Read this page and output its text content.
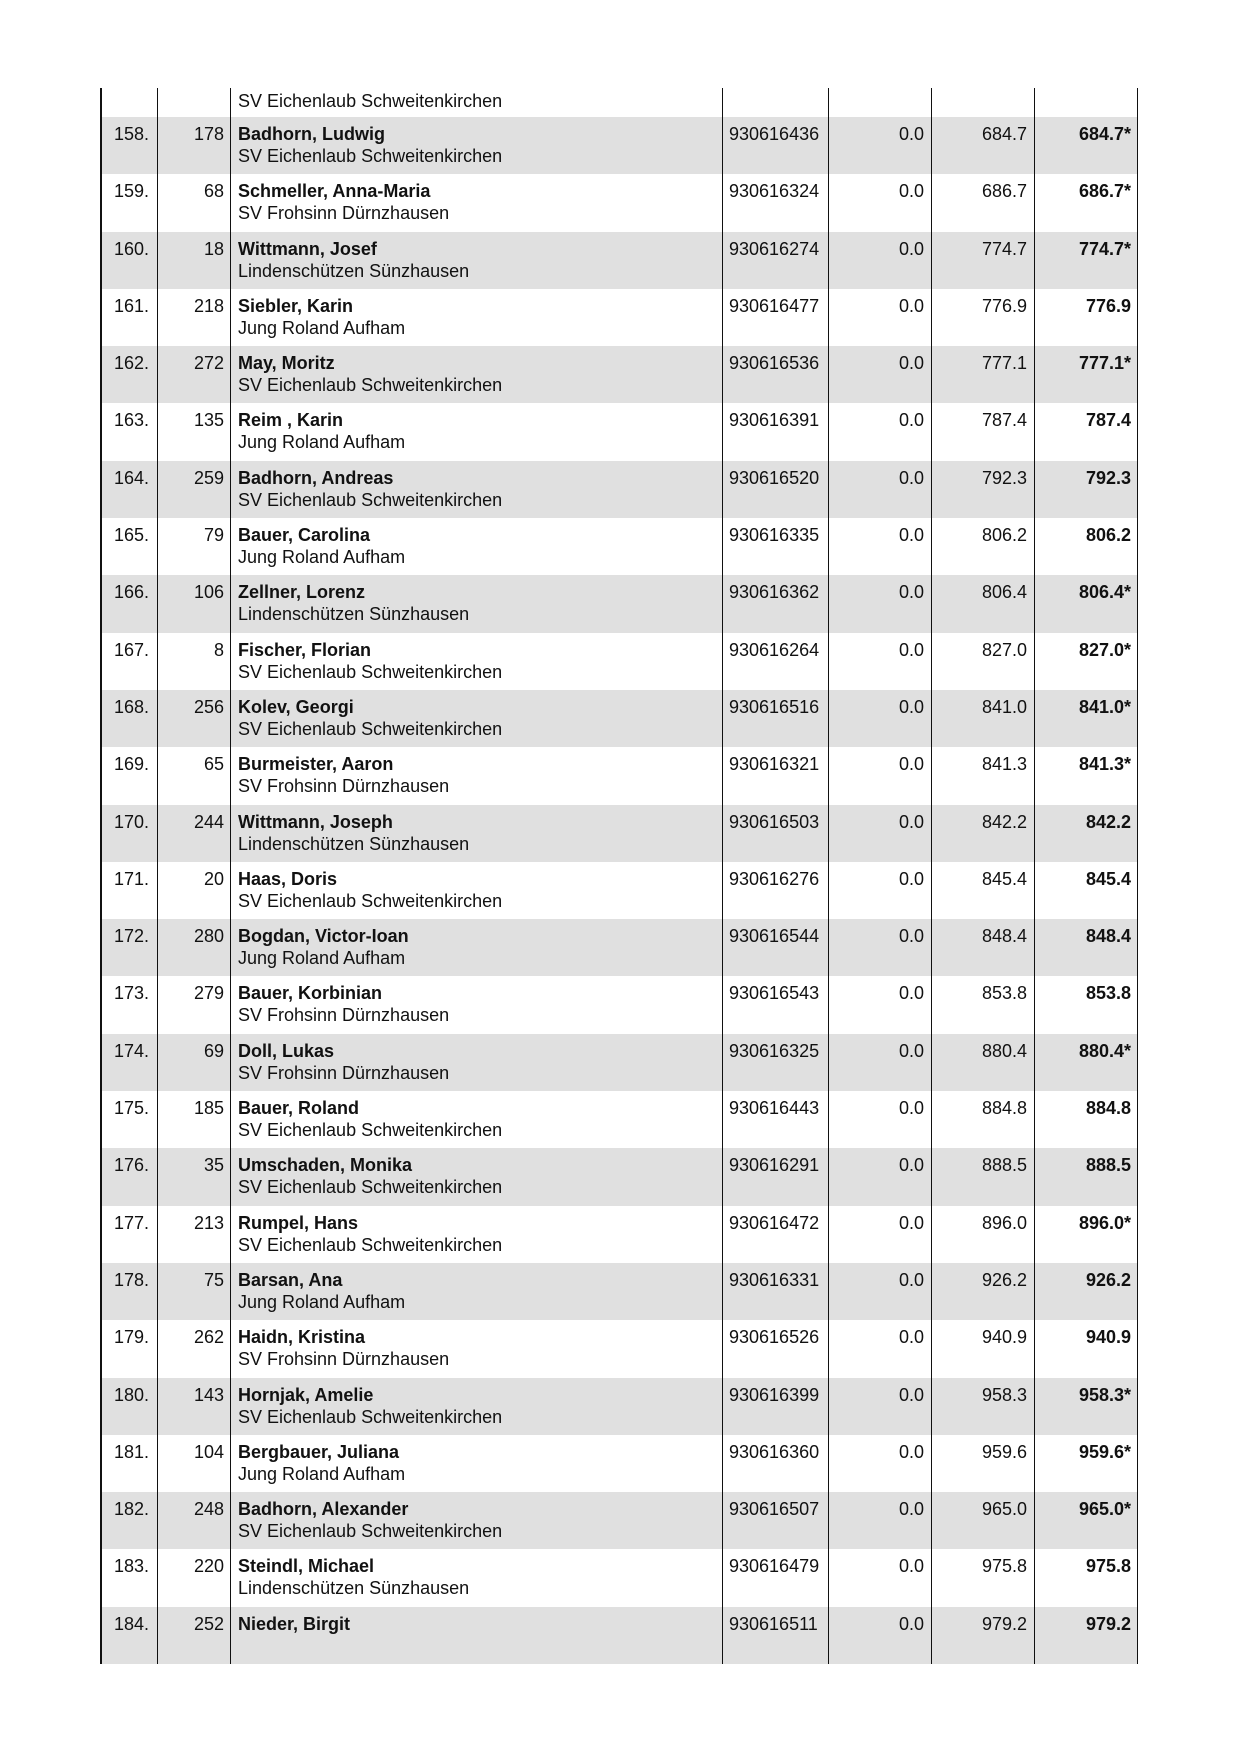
SV Eichenlaub Schweitenkirchen
158.	178 Badhorn, Ludwig
SV Eichenlaub Schweitenkirchen
930616436	0.0	684.7	684.7*
159.	68 Schmeller, Anna-Maria
SV Frohsinn Dürnzhausen
930616324	0.0	686.7	686.7*
160.	18 Wittmann, Josef
Lindenschützen Sünzhausen
930616274	0.0	774.7	774.7*
161.	218 Siebler, Karin
Jung Roland Aufham
930616477	0.0	776.9	776.9
162.	272 May, Moritz
SV Eichenlaub Schweitenkirchen
930616536	0.0	777.1	777.1*
163.	135 Reim , Karin
Jung Roland Aufham
930616391	0.0	787.4	787.4
164.	259 Badhorn, Andreas
SV Eichenlaub Schweitenkirchen
930616520	0.0	792.3	792.3
165.	79 Bauer, Carolina
Jung Roland Aufham
930616335	0.0	806.2	806.2
166.	106 Zellner, Lorenz
Lindenschützen Sünzhausen
930616362	0.0	806.4	806.4*
167.	8 Fischer, Florian
SV Eichenlaub Schweitenkirchen
930616264	0.0	827.0	827.0*
168.	256 Kolev, Georgi
SV Eichenlaub Schweitenkirchen
930616516	0.0	841.0	841.0*
169.	65 Burmeister, Aaron
SV Frohsinn Dürnzhausen
930616321	0.0	841.3	841.3*
170.	244 Wittmann, Joseph
Lindenschützen Sünzhausen
930616503	0.0	842.2	842.2
171.	20 Haas, Doris
SV Eichenlaub Schweitenkirchen
930616276	0.0	845.4	845.4
172.	280 Bogdan, Victor-Ioan
Jung Roland Aufham
930616544	0.0	848.4	848.4
173.	279 Bauer, Korbinian
SV Frohsinn Dürnzhausen
930616543	0.0	853.8	853.8
174.	69 Doll, Lukas
SV Frohsinn Dürnzhausen
930616325	0.0	880.4	880.4*
175.	185 Bauer, Roland
SV Eichenlaub Schweitenkirchen
930616443	0.0	884.8	884.8
176.	35 Umschaden, Monika
SV Eichenlaub Schweitenkirchen
930616291	0.0	888.5	888.5
177.	213 Rumpel, Hans
SV Eichenlaub Schweitenkirchen
930616472	0.0	896.0	896.0*
178.	75 Barsan, Ana
Jung Roland Aufham
930616331	0.0	926.2	926.2
179.	262 Haidn, Kristina
SV Frohsinn Dürnzhausen
930616526	0.0	940.9	940.9
180.	143 Hornjak, Amelie
SV Eichenlaub Schweitenkirchen
930616399	0.0	958.3	958.3*
181.	104 Bergbauer, Juliana
Jung Roland Aufham
930616360	0.0	959.6	959.6*
182.	248 Badhorn, Alexander
SV Eichenlaub Schweitenkirchen
930616507	0.0	965.0	965.0*
183.	220 Steindl, Michael
Lindenschützen Sünzhausen
930616479	0.0	975.8	975.8
184.	252 Nieder, Birgit	930616511	0.0	979.2	979.2
